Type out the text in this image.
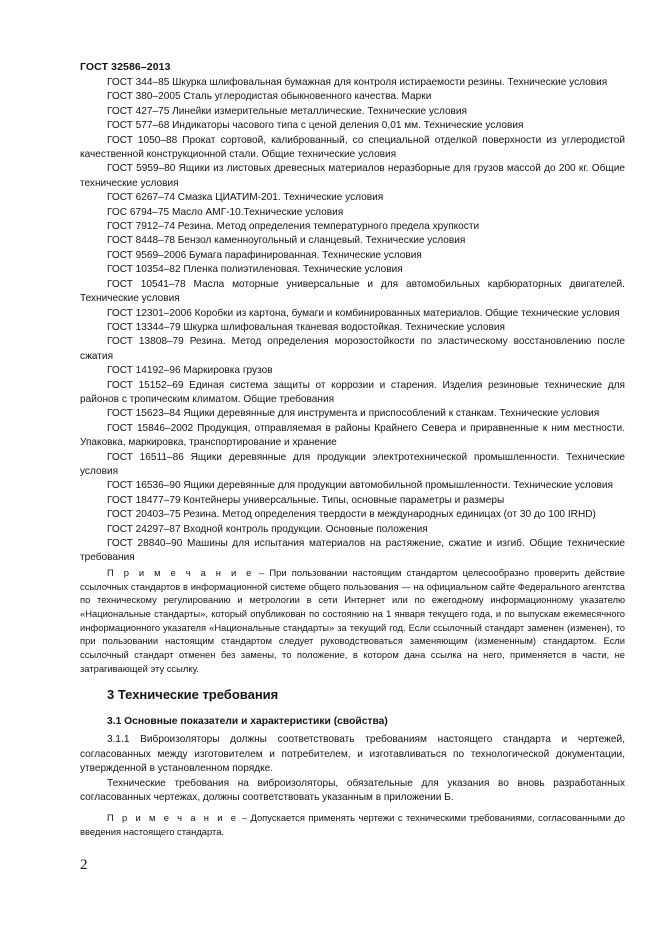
ГОСТ 32586–2013

ГОСТ 344–85 Шкурка шлифовальная бумажная для контроля истираемости резины. Технические условия

ГОСТ 380–2005 Сталь углеродистая обыкновенного качества. Марки

ГОСТ 427–75 Линейки измерительные металлические. Технические условия

ГОСТ 577–68 Индикаторы часового типа с ценой деления 0,01 мм. Технические условия

ГОСТ 1050–88 Прокат сортовой, калиброванный, со специальной отделкой поверхности из углеродистой качественной конструкционной стали. Общие технические условия

ГОСТ 5959–80 Ящики из листовых древесных материалов неразборные для грузов массой до 200 кг. Общие технические условия

ГОСТ 6267–74 Смазка ЦИАТИМ-201. Технические условия

ГОС 6794–75 Масло АМГ-10.Технические условия

ГОСТ 7912–74 Резина. Метод определения температурного предела хрупкости

ГОСТ 8448–78 Бензол каменноугольный и сланцевый. Технические условия

ГОСТ 9569–2006 Бумага парафинированная. Технические условия

ГОСТ 10354–82 Пленка полиэтиленовая. Технические условия

ГОСТ 10541–78 Масла моторные универсальные и для автомобильных карбюраторных двигателей. Технические условия

ГОСТ 12301–2006 Коробки из картона, бумаги и комбинированных материалов. Общие технические условия

ГОСТ 13344–79 Шкурка шлифовальная тканевая водостойкая. Технические условия

ГОСТ 13808–79 Резина. Метод определения морозостойкости по эластическому восстановлению после сжатия

ГОСТ 14192–96 Маркировка грузов

ГОСТ 15152–69 Единая система защиты от коррозии и старения. Изделия резиновые технические для районов с тропическим климатом. Общие требования

ГОСТ 15623–84 Ящики деревянные для инструмента и приспособлений к станкам. Технические условия

ГОСТ 15846–2002 Продукция, отправляемая в районы Крайнего Севера и приравненные к ним местности. Упаковка, маркировка, транспортирование и хранение

ГОСТ 16511–86 Ящики деревянные для продукции электротехнической промышленности. Технические условия

ГОСТ 16536–90 Ящики деревянные для продукции автомобильной промышленности. Технические условия

ГОСТ 18477–79 Контейнеры универсальные. Типы, основные параметры и размеры

ГОСТ 20403–75 Резина. Метод определения твердости в международных единицах (от 30 до 100 IRHD)

ГОСТ 24297–87 Входной контроль продукции. Основные положения

ГОСТ 28840–90 Машины для испытания материалов на растяжение, сжатие и изгиб. Общие технические требования

П р и м е ч а н и е – При пользовании настоящим стандартом целесообразно проверить действие ссылочных стандартов в информационной системе общего пользования — на официальном сайте Федерального агентства по техническому регулированию и метрологии в сети Интернет или по ежегодному информационному указателю «Национальные стандарты», который опубликован по состоянию на 1 января текущего года, и по выпускам ежемесячного информационного указателя «Национальные стандарты» за текущий год. Если ссылочный стандарт заменен (изменен), то при пользовании настоящим стандартом следует руководствоваться заменяющим (измененным) стандартом. Если ссылочный стандарт отменен без замены, то положение, в котором дана ссылка на него, применяется в части, не затрагивающей эту ссылку.

3 Технические требования
3.1 Основные показатели и характеристики (свойства)

3.1.1 Виброизоляторы должны соответствовать требованиям настоящего стандарта и чертежей, согласованных между изготовителем и потребителем, и изготавливаться по технологической документации, утвержденной в установленном порядке.

Технические требования на виброизоляторы, обязательные для указания во вновь разработанных согласованных чертежах, должны соответствовать указанным в приложении Б.

П р и м е ч а н и е – Допускается применять чертежи с техническими требованиями, согласованными до введения настоящего стандарта.

2
